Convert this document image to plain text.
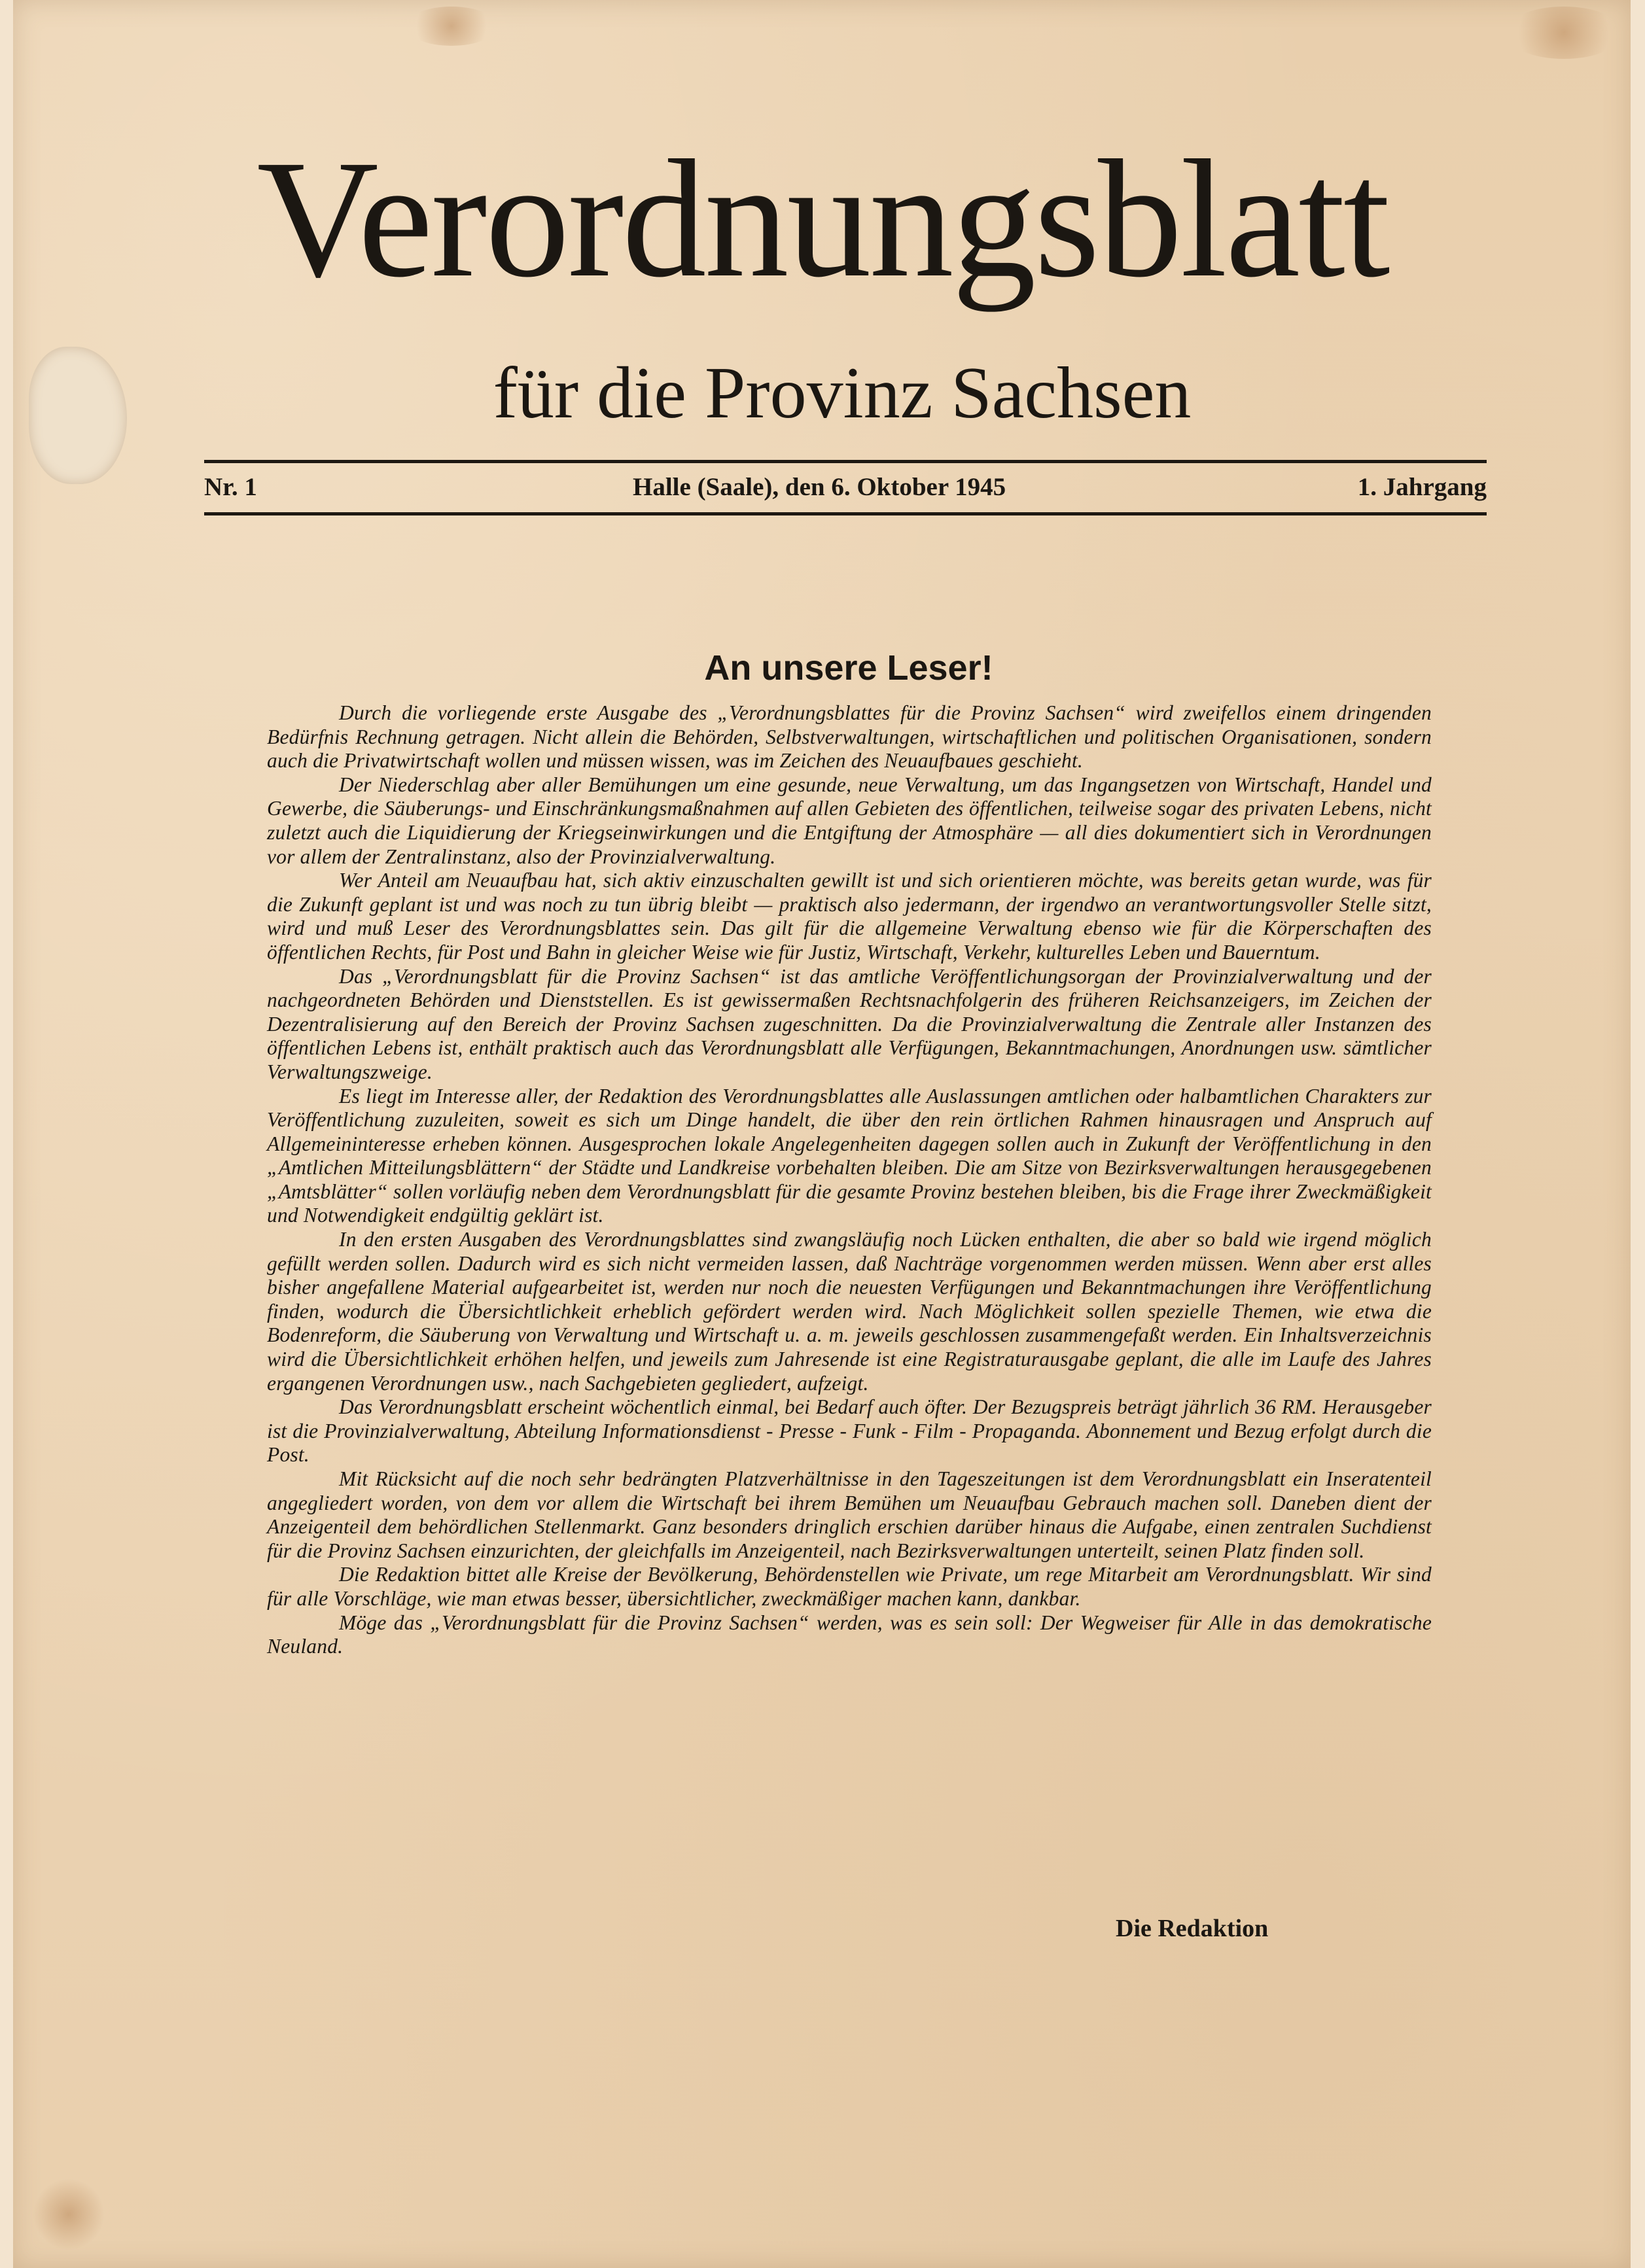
Verordnungsblatt
für die Provinz Sachsen
Nr. 1	Halle (Saale), den 6. Oktober 1945	1. Jahrgang
An unsere Leser!

Durch die vorliegende erste Ausgabe des „Verordnungsblattes für die Provinz Sachsen“ wird zweifellos einem dringenden Bedürfnis Rechnung getragen. Nicht allein die Behörden, Selbstverwaltungen, wirtschaftlichen und politischen Organisationen, sondern auch die Privatwirtschaft wollen und müssen wissen, was im Zeichen des Neuaufbaues geschieht.

Der Niederschlag aber aller Bemühungen um eine gesunde, neue Verwaltung, um das Ingangsetzen von Wirtschaft, Handel und Gewerbe, die Säuberungs- und Einschränkungsmaßnahmen auf allen Gebieten des öffentlichen, teilweise sogar des privaten Lebens, nicht zuletzt auch die Liquidierung der Kriegseinwirkungen und die Entgiftung der Atmosphäre — all dies dokumentiert sich in Verordnungen vor allem der Zentralinstanz, also der Provinzialverwaltung.

Wer Anteil am Neuaufbau hat, sich aktiv einzuschalten gewillt ist und sich orientieren möchte, was bereits getan wurde, was für die Zukunft geplant ist und was noch zu tun übrig bleibt — praktisch also jedermann, der irgendwo an verantwortungsvoller Stelle sitzt, wird und muß Leser des Verordnungsblattes sein. Das gilt für die allgemeine Verwaltung ebenso wie für die Körperschaften des öffentlichen Rechts, für Post und Bahn in gleicher Weise wie für Justiz, Wirtschaft, Verkehr, kulturelles Leben und Bauerntum.

Das „Verordnungsblatt für die Provinz Sachsen“ ist das amtliche Veröffentlichungsorgan der Provinzialverwaltung und der nachgeordneten Behörden und Dienststellen. Es ist gewissermaßen Rechtsnachfolgerin des früheren Reichsanzeigers, im Zeichen der Dezentralisierung auf den Bereich der Provinz Sachsen zugeschnitten. Da die Provinzialverwaltung die Zentrale aller Instanzen des öffentlichen Lebens ist, enthält praktisch auch das Verordnungsblatt alle Verfügungen, Bekanntmachungen, Anordnungen usw. sämtlicher Verwaltungszweige.

Es liegt im Interesse aller, der Redaktion des Verordnungsblattes alle Auslassungen amtlichen oder halbamtlichen Charakters zur Veröffentlichung zuzuleiten, soweit es sich um Dinge handelt, die über den rein örtlichen Rahmen hinausragen und Anspruch auf Allgemeininteresse erheben können. Ausgesprochen lokale Angelegenheiten dagegen sollen auch in Zukunft der Veröffentlichung in den „Amtlichen Mitteilungsblättern“ der Städte und Landkreise vorbehalten bleiben. Die am Sitze von Bezirksverwaltungen herausgegebenen „Amtsblätter“ sollen vorläufig neben dem Verordnungsblatt für die gesamte Provinz bestehen bleiben, bis die Frage ihrer Zweckmäßigkeit und Notwendigkeit endgültig geklärt ist.

In den ersten Ausgaben des Verordnungsblattes sind zwangsläufig noch Lücken enthalten, die aber so bald wie irgend möglich gefüllt werden sollen. Dadurch wird es sich nicht vermeiden lassen, daß Nachträge vorgenommen werden müssen. Wenn aber erst alles bisher angefallene Material aufgearbeitet ist, werden nur noch die neuesten Verfügungen und Bekanntmachungen ihre Veröffentlichung finden, wodurch die Übersichtlichkeit erheblich gefördert werden wird. Nach Möglichkeit sollen spezielle Themen, wie etwa die Bodenreform, die Säuberung von Verwaltung und Wirtschaft u. a. m. jeweils geschlossen zusammengefaßt werden. Ein Inhaltsverzeichnis wird die Übersichtlichkeit erhöhen helfen, und jeweils zum Jahresende ist eine Registraturausgabe geplant, die alle im Laufe des Jahres ergangenen Verordnungen usw., nach Sachgebieten gegliedert, aufzeigt.

Das Verordnungsblatt erscheint wöchentlich einmal, bei Bedarf auch öfter. Der Bezugspreis beträgt jährlich 36 RM. Herausgeber ist die Provinzialverwaltung, Abteilung Informationsdienst - Presse - Funk - Film - Propaganda. Abonnement und Bezug erfolgt durch die Post.

Mit Rücksicht auf die noch sehr bedrängten Platzverhältnisse in den Tageszeitungen ist dem Verordnungsblatt ein Inseratenteil angegliedert worden, von dem vor allem die Wirtschaft bei ihrem Bemühen um Neuaufbau Gebrauch machen soll. Daneben dient der Anzeigenteil dem behördlichen Stellenmarkt. Ganz besonders dringlich erschien darüber hinaus die Aufgabe, einen zentralen Suchdienst für die Provinz Sachsen einzurichten, der gleichfalls im Anzeigenteil, nach Bezirksverwaltungen unterteilt, seinen Platz finden soll.

Die Redaktion bittet alle Kreise der Bevölkerung, Behördenstellen wie Private, um rege Mitarbeit am Verordnungsblatt. Wir sind für alle Vorschläge, wie man etwas besser, übersichtlicher, zweckmäßiger machen kann, dankbar.

Möge das „Verordnungsblatt für die Provinz Sachsen“ werden, was es sein soll: Der Wegweiser für Alle in das demokratische Neuland.

Die Redaktion
